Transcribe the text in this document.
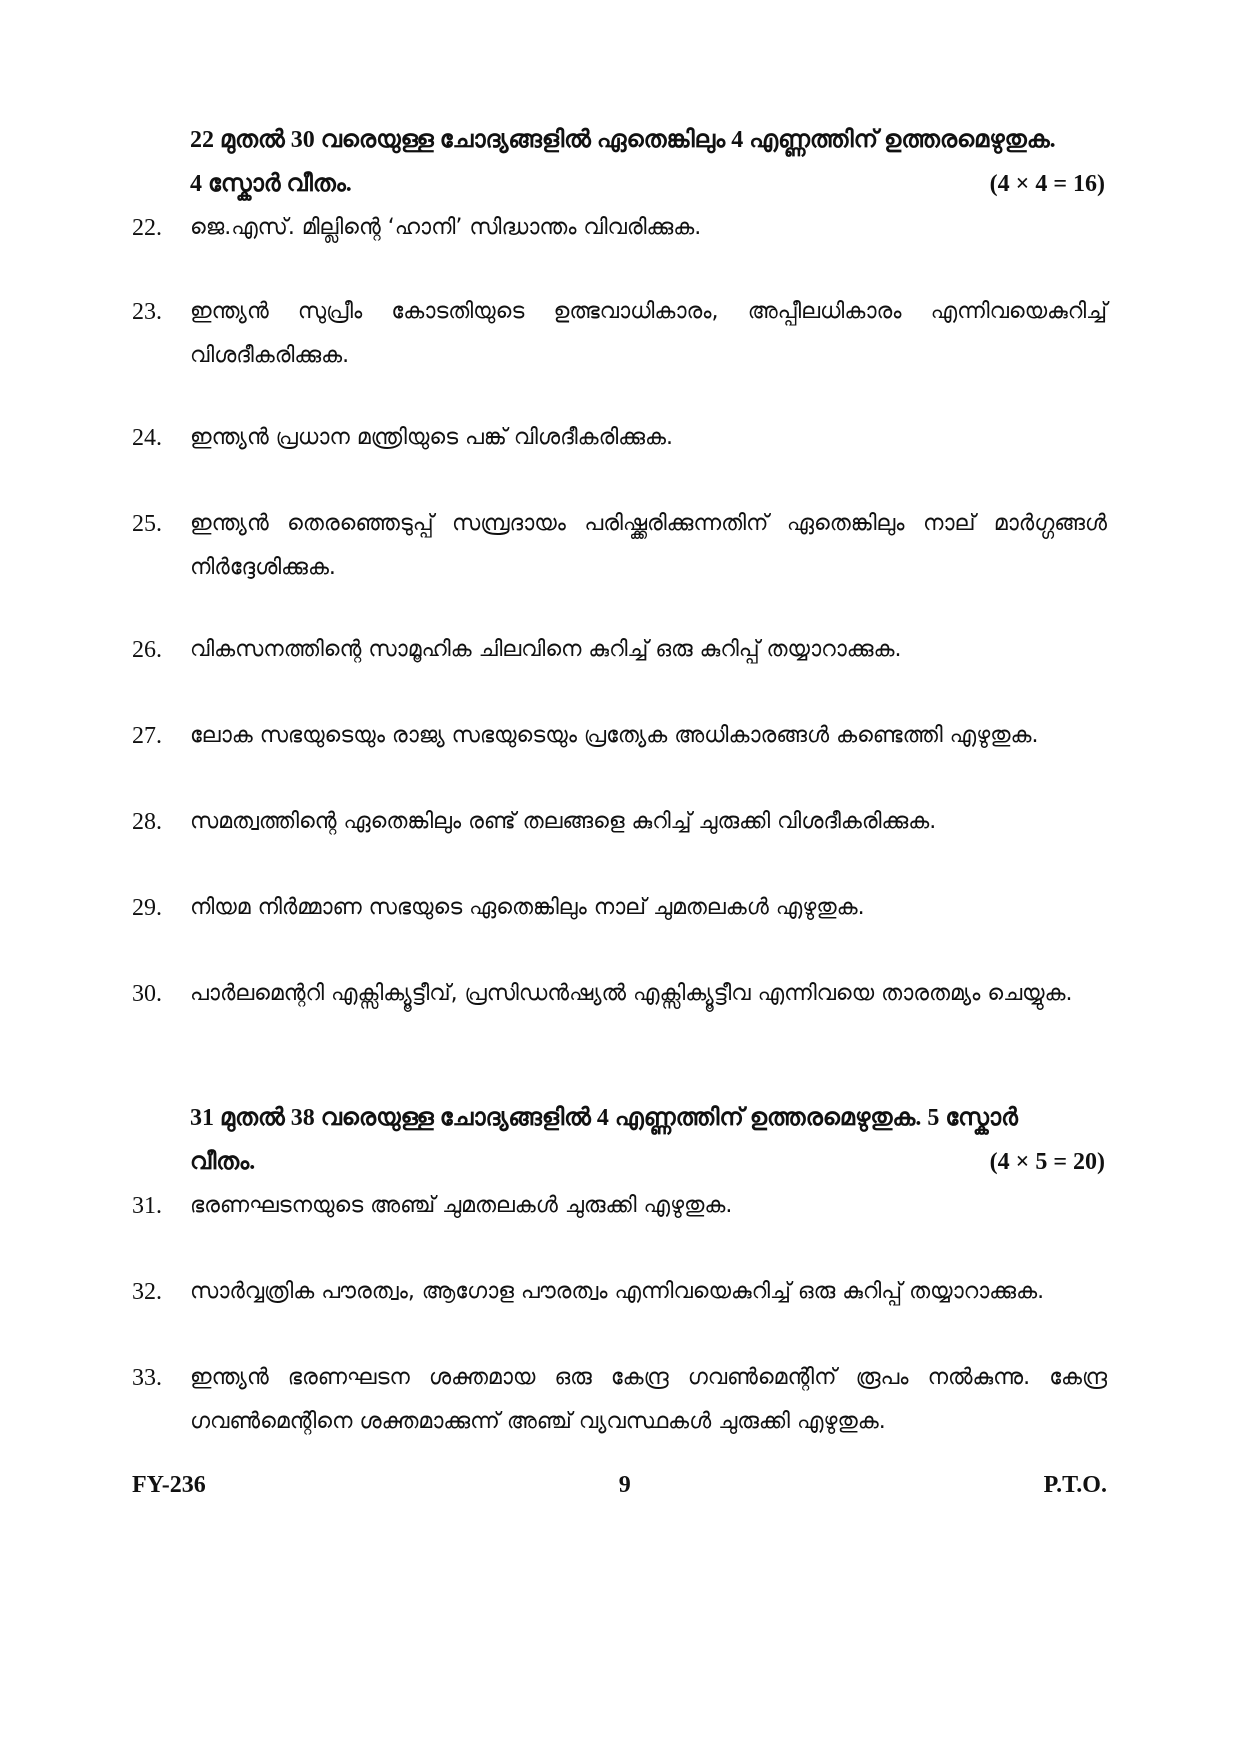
22 മുതൽ 30 വരെയുള്ള ചോദ്യങ്ങളിൽ ഏതെങ്കിലും 4 എണ്ണത്തിന് ഉത്തരമെഴുതുക.
4 സ്കോർ വീതം.	(4 × 4 = 16)
22. ജെ.എസ്. മില്ലിന്റെ ‘ഹാനി’ സിദ്ധാന്തം വിവരിക്കുക.
23. ഇന്ത്യൻ സുപ്രീം കോടതിയുടെ ഉത്ഭവാധികാരം, അപ്പീലധികാരം എന്നിവയെകുറിച്ച് വിശദീകരിക്കുക.
24. ഇന്ത്യൻ പ്രധാന മന്ത്രിയുടെ പങ്ക് വിശദീകരിക്കുക.
25. ഇന്ത്യൻ തെരഞ്ഞെടുപ്പ് സമ്പ്രദായം പരിഷ്ക്കരിക്കുന്നതിന് ഏതെങ്കിലും നാല് മാർഗ്ഗങ്ങൾ നിർദ്ദേശിക്കുക.
26. വികസനത്തിന്റെ സാമൂഹിക ചിലവിനെ കുറിച്ച് ഒരു കുറിപ്പ് തയ്യാറാക്കുക.
27. ലോക സഭയുടെയും രാജ്യ സഭയുടെയും പ്രത്യേക അധികാരങ്ങൾ കണ്ടെത്തി എഴുതുക.
28. സമത്വത്തിന്റെ ഏതെങ്കിലും രണ്ട് തലങ്ങളെ കുറിച്ച് ചുരുക്കി വിശദീകരിക്കുക.
29. നിയമ നിർമ്മാണ സഭയുടെ ഏതെങ്കിലും നാല് ചുമതലകൾ എഴുതുക.
30. പാർലമെന്ററി എക്സിക്യൂട്ടീവ്, പ്രസിഡൻഷ്യൽ എക്സിക്യൂട്ടീവ എന്നിവയെ താരതമ്യം ചെയ്യുക.
31 മുതൽ 38 വരെയുള്ള ചോദ്യങ്ങളിൽ 4 എണ്ണത്തിന് ഉത്തരമെഴുതുക. 5 സ്കോർ
വീതം.	(4 × 5 = 20)
31. ഭരണഘടനയുടെ അഞ്ച് ചുമതലകൾ ചുരുക്കി എഴുതുക.
32. സാർവ്വത്രിക പൗരത്വം, ആഗോള പൗരത്വം എന്നിവയെകുറിച്ച് ഒരു കുറിപ്പ് തയ്യാറാക്കുക.
33. ഇന്ത്യൻ ഭരണഘടന ശക്തമായ ഒരു കേന്ദ്ര ഗവൺമെന്റിന് രൂപം നൽകുന്നു. കേന്ദ്ര ഗവൺമെന്റിനെ ശക്തമാക്കുന്ന് അഞ്ച് വ്യവസ്ഥകൾ ചുരുക്കി എഴുതുക.
FY-236	9	P.T.O.
